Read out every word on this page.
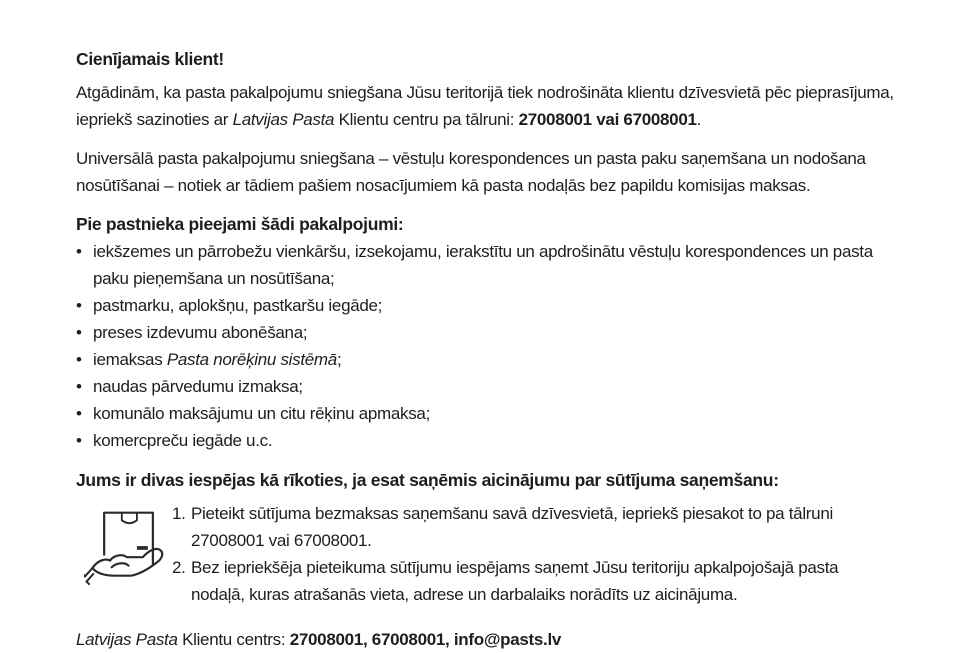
Cienījamais klient!

Atgādinām, ka pasta pakalpojumu sniegšana Jūsu teritorijā tiek nodrošināta klientu dzīvesvietā pēc pieprasījuma, iepriekš sazinoties ar Latvijas Pasta Klientu centru pa tālruni: 27008001 vai 67008001.

Universālā pasta pakalpojumu sniegšana – vēstuļu korespondences un pasta paku saņemšana un nodošana nosūtīšanai – notiek ar tādiem pašiem nosacījumiem kā pasta nodaļās bez papildu komisijas maksas.

Pie pastnieka pieejami šādi pakalpojumi:
• iekšzemes un pārrobežu vienkāršu, izsekojamu, ierakstītu un apdrošinātu vēstuļu korespondences un pasta paku pieņemšana un nosūtīšana;
• pastmarku, aplokšņu, pastkaršu iegāde;
• preses izdevumu abonēšana;
• iemaksas Pasta norēķinu sistēmā;
• naudas pārvedumu izmaksa;
• komunālo maksājumu un citu rēķinu apmaksa;
• komercpreču iegāde u.c.
Jums ir divas iespējas kā rīkoties, ja esat saņēmis aicinājumu par sūtījuma saņemšanu:
1. Pieteikt sūtījuma bezmaksas saņemšanu savā dzīvesvietā, iepriekš piesakot to pa tālruni 27008001 vai 67008001.
2. Bez iepriekšēja pieteikuma sūtījumu iespējams saņemt Jūsu teritoriju apkalpojošajā pasta nodaļā, kuras atrašanās vieta, adrese un darbalaiks norādīts uz aicinājuma.

Latvijas Pasta Klientu centrs: 27008001, 67008001, info@pasts.lv
